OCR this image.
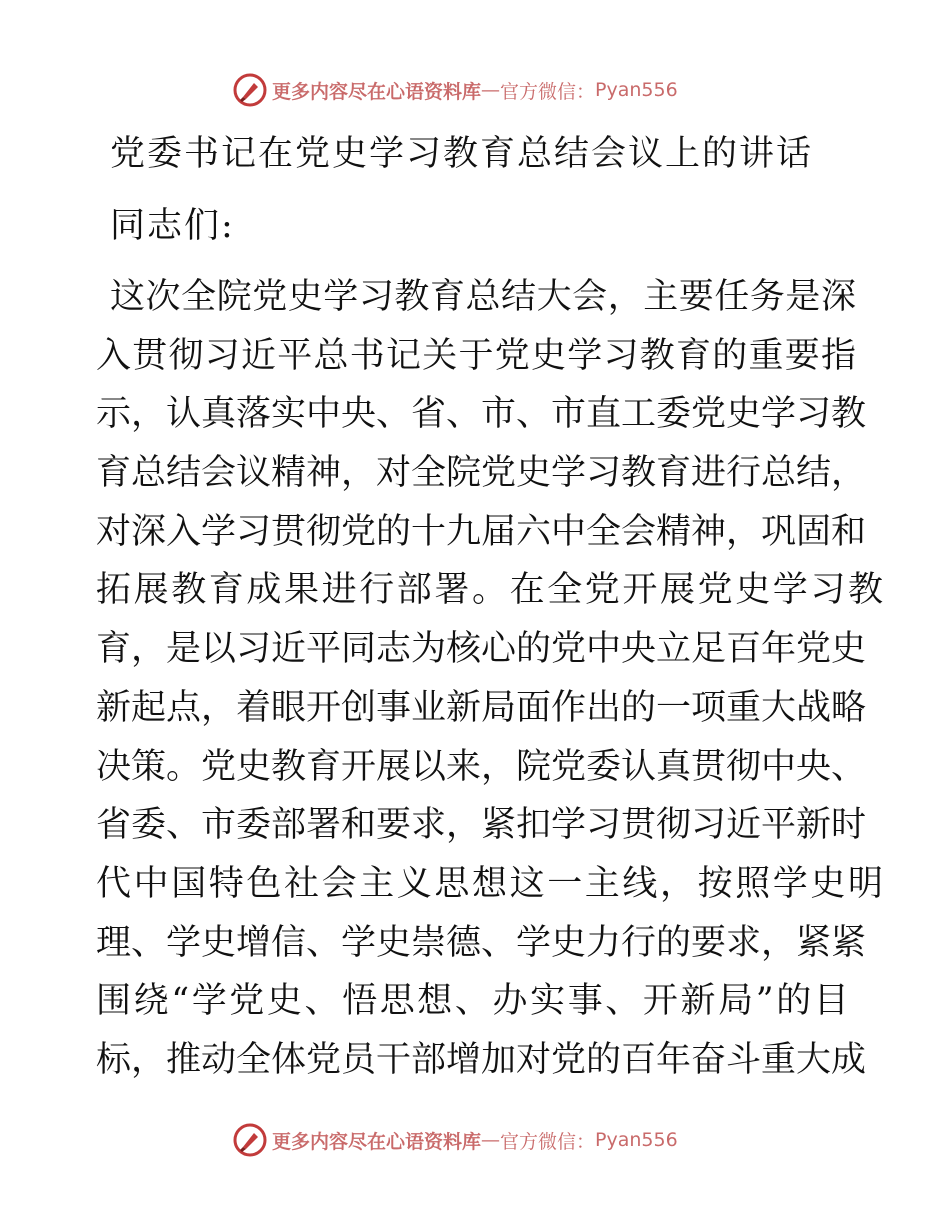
更多内容尽在心语资料库 — 官方微信： Pyan556
党委书记在党史学习教育总结会议上的讲话
同志们:
这次全院党史学习教育总结大会，主要任务是深
入贯彻习近平总书记关于党史学习教育的重要指
示，认真落实中央、省、市、市直工委党史学习教
育总结会议精神，对全院党史学习教育进行总结，
对深入学习贯彻党的十九届六中全会精神，巩固和
拓展教育成果进行部署。在全党开展党史学习教
育，是以习近平同志为核心的党中央立足百年党史
新起点，着眼开创事业新局面作出的一项重大战略
决策。党史教育开展以来，院党委认真贯彻中央、
省委、市委部署和要求，紧扣学习贯彻习近平新时
代中国特色社会主义思想这一主线，按照学史明
理、学史增信、学史崇德、学史力行的要求，紧紧
围绕“学党史、悟思想、办实事、开新局”的目
标，推动全体党员干部增加对党的百年奋斗重大成
更多内容尽在心语资料库 — 官方微信： Pyan556
